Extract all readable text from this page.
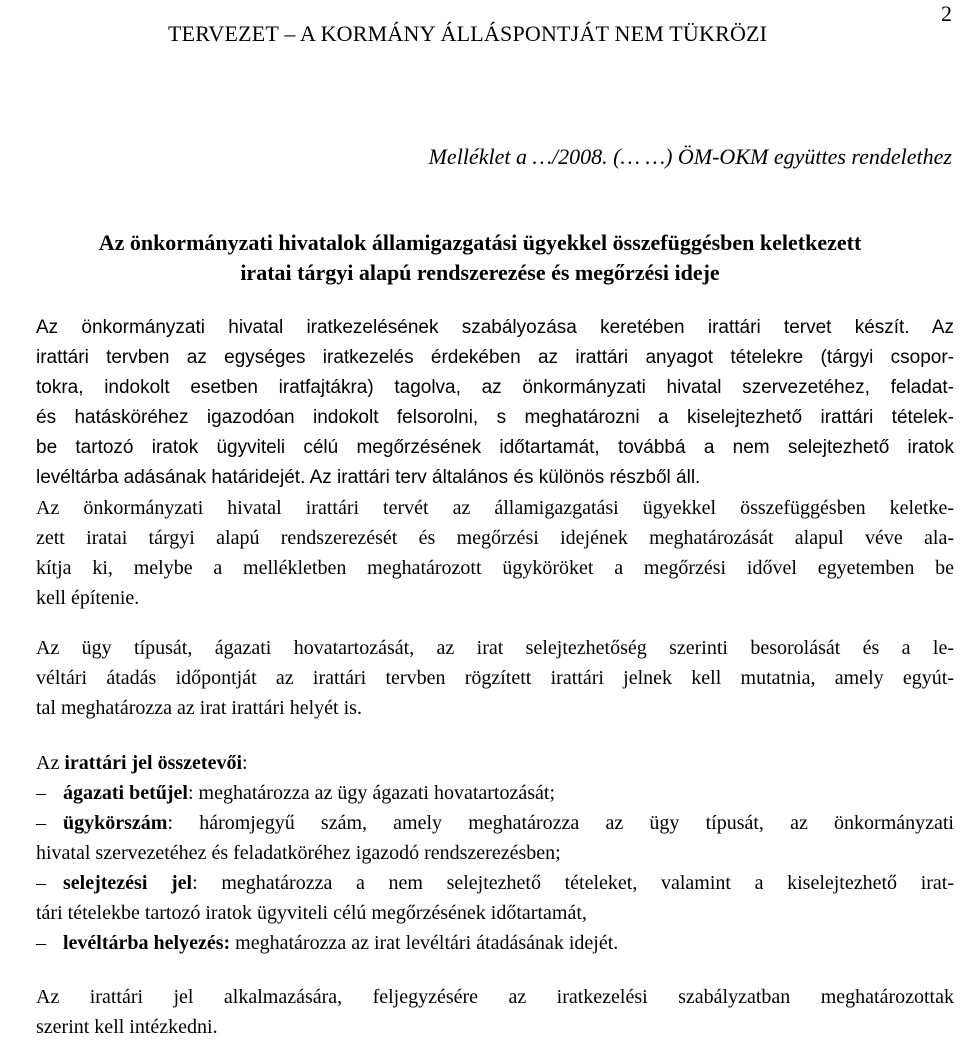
TERVEZET – A KORMÁNY ÁLLÁSPONTJÁT NEM TÜKRÖZI
2
Melléklet a …/2008. (… …) ÖM-OKM együttes rendelethez
Az önkormányzati hivatalok államigazgatási ügyekkel összefüggésben keletkezett
iratai tárgyi alapú rendszerezése és megőrzési ideje
Az önkormányzati hivatal iratkezelésének szabályozása keretében irattári tervet készít. Az
irattári tervben az egységes iratkezelés érdekében az irattári anyagot tételekre (tárgyi csopor-
tokra, indokolt esetben iratfajtákra) tagolva, az önkormányzati hivatal szervezetéhez, feladat-
és hatásköréhez igazodóan indokolt felsorolni, s meghatározni a kiselejtezhető irattári tételek-
be tartozó iratok ügyviteli célú megőrzésének időtartamát, továbbá a nem selejtezhető iratok
levéltárba adásának határidejét. Az irattári terv általános és különös részből áll.
Az önkormányzati hivatal irattári tervét az államigazgatási ügyekkel összefüggésben keletke-
zett iratai tárgyi alapú rendszerezését és megőrzési idejének meghatározását alapul véve ala-
kítja ki, melybe a mellékletben meghatározott ügyköröket a megőrzési idővel egyetemben be
kell építenie.
Az ügy típusát, ágazati hovatartozását, az irat selejtezhetőség szerinti besorolását és a le-
véltári átadás időpontját az irattári tervben rögzített irattári jelnek kell mutatnia, amely egyút-
tal meghatározza az irat irattári helyét is.
Az irattári jel összetevői:
– ágazati betűjel: meghatározza az ügy ágazati hovatartozását;
– ügykörszám: háromjegyű szám, amely meghatározza az ügy típusát, az önkormányzati
hivatal szervezetéhez és feladatköréhez igazodó rendszerezésben;
– selejtezési jel: meghatározza a nem selejtezhető tételeket, valamint a kiselejtezhető irat-
tári tételekbe tartozó iratok ügyviteli célú megőrzésének időtartamát,
– levéltárba helyezés: meghatározza az irat levéltári átadásának idejét.
Az irattári jel alkalmazására, feljegyzésére az iratkezelési szabályzatban meghatározottak
szerint kell intézkedni.
